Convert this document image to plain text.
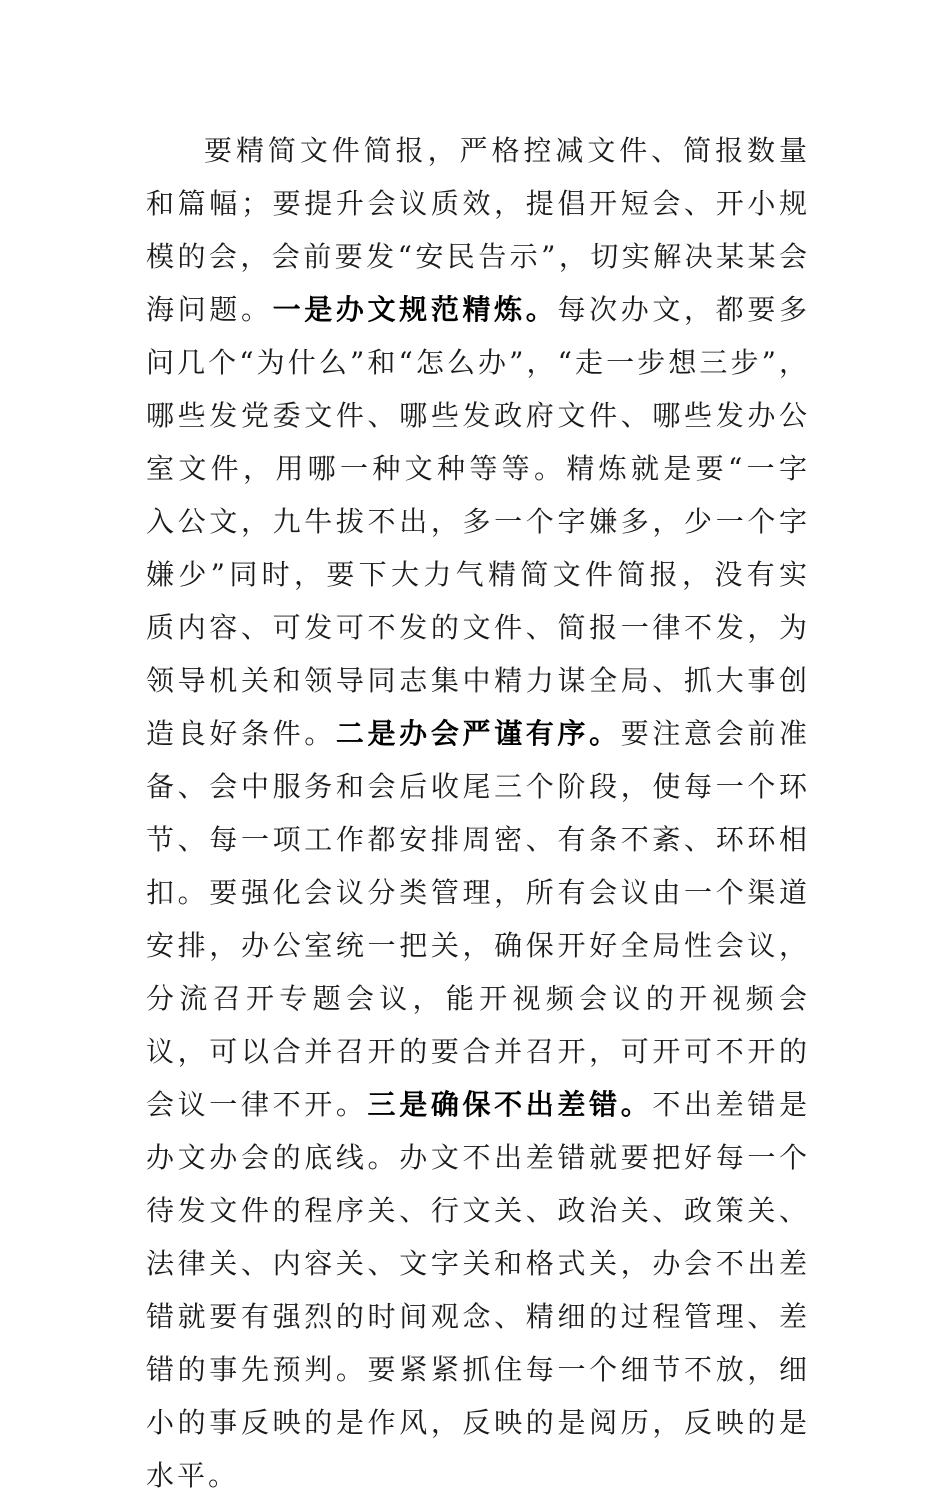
要精简文件简报，严格控减文件、简报数量和篇幅；要提升会议质效，提倡开短会、开小规模的会，会前要发“安民告示”，切实解决某某会海问题。一是办文规范精炼。每次办文，都要多问几个“为什么”和“怎么办”，“走一步想三步”，哪些发党委文件、哪些发政府文件、哪些发办公室文件，用哪一种文种等等。精炼就是要“一字入公文，九牛拔不出，多一个字嫌多，少一个字嫌少”同时，要下大力气精简文件简报，没有实质内容、可发可不发的文件、简报一律不发，为领导机关和领导同志集中精力谋全局、抓大事创造良好条件。二是办会严谨有序。要注意会前准备、会中服务和会后收尾三个阶段，使每一个环节、每一项工作都安排周密、有条不紊、环环相扣。要强化会议分类管理，所有会议由一个渠道安排，办公室统一把关，确保开好全局性会议，分流召开专题会议，能开视频会议的开视频会议，可以合并召开的要合并召开，可开可不开的会议一律不开。三是确保不出差错。不出差错是办文办会的底线。办文不出差错就要把好每一个待发文件的程序关、行文关、政治关、政策关、法律关、内容关、文字关和格式关，办会不出差错就要有强烈的时间观念、精细的过程管理、差错的事先预判。要紧紧抓住每一个细节不放，细小的事反映的是作风，反映的是阅历，反映的是水平。
